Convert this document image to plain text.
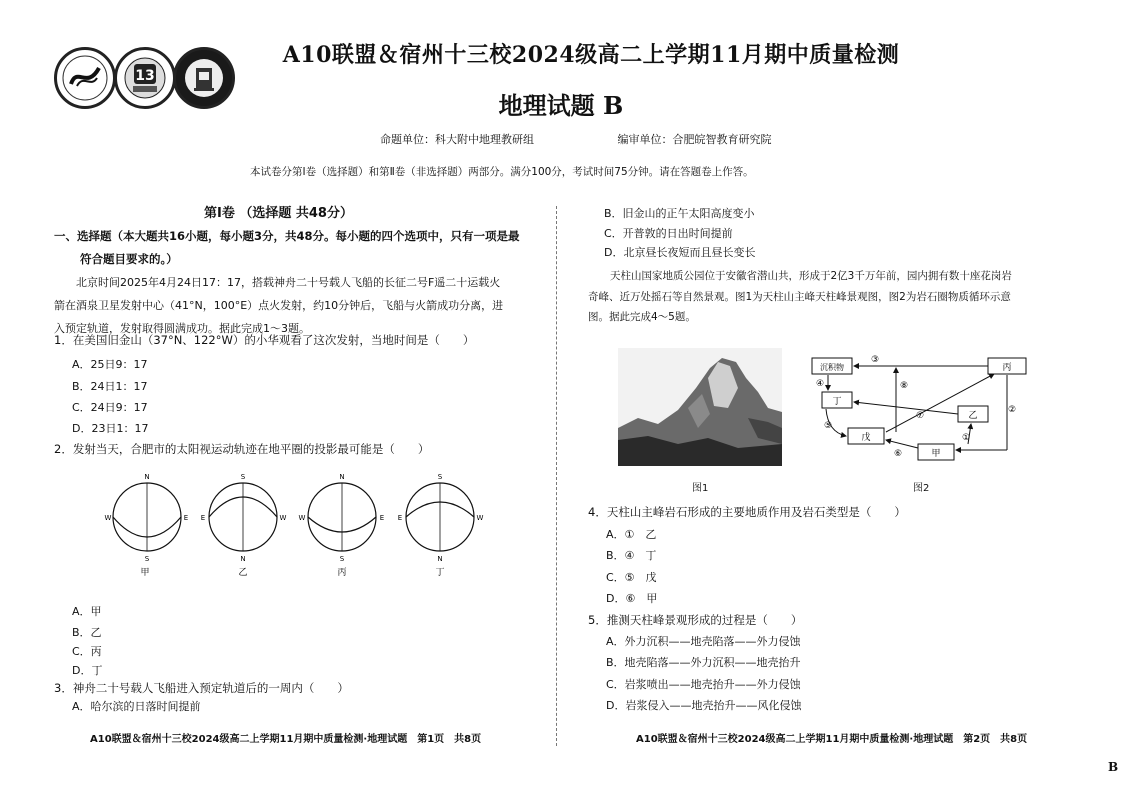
13
A10联盟＆宿州十三校2024级高二上学期11月期中质量检测
地理试题 B
命题单位：科大附中地理教研组	编审单位：合肥皖智教育研究院
本试卷分第Ⅰ卷（选择题）和第Ⅱ卷（非选择题）两部分。满分100分，考试时间75分钟。请在答题卷上作答。
第Ⅰ卷 （选择题 共48分）
一、选择题（本大题共16小题，每小题3分，共48分。每小题的四个选项中，只有一项是最
符合题目要求的。）
北京时间2025年4月24日17：17，搭载神舟二十号载人飞船的长征二号F遥二十运载火
箭在酒泉卫星发射中心（41°N，100°E）点火发射，约10分钟后，飞船与火箭成功分离，进
入预定轨道，发射取得圆满成功。据此完成1～3题。
A．25日9：17
B．24日1：17
C．24日9：17
D．23日1：17
2．发射当天，合肥市的太阳视运动轨迹在地平圈的投影最可能是（　　）
N
S
W	E
甲
S
N
E	W
乙
N
S
W	E
丙
S
N
E	W
丁
A．甲
B．乙
C．丙
D．丁
3．神舟二十号载人飞船进入预定轨道后的一周内（　　）
A．哈尔滨的日落时间提前
A10联盟＆宿州十三校2024级高二上学期11月期中质量检测·地理试题　第1页　共8页
B．旧金山的正午太阳高度变小
C．开普敦的日出时间提前
D．北京昼长夜短而且昼长变长
天柱山国家地质公园位于安徽省潜山共，形成于2亿3千万年前，园内拥有数十座花岗岩
奇峰、近万处摇石等自然景观。图1为天柱山主峰天柱峰景观图，图2为岩石圈物质循环示意
图。据此完成4～5题。
图1
沉积物
丁
戊
乙
甲
丙
③
④	⑧
⑤
⑦
②
①
⑥
图2
4．天柱山主峰岩石形成的主要地质作用及岩石类型是（　　）
A．①　乙
B．④　丁
C．⑤　戊
D．⑥　甲
5．推测天柱峰景观形成的过程是（　　）
A．外力沉积——地壳陷落——外力侵蚀
B．地壳陷落——外力沉积——地壳抬升
C．岩浆喷出——地壳抬升——外力侵蚀
D．岩浆侵入——地壳抬升——风化侵蚀
A10联盟＆宿州十三校2024级高二上学期11月期中质量检测·地理试题　第2页　共8页
B
1．在美国旧金山（37°N、122°W）的小华观看了这次发射，当地时间是（　　）
